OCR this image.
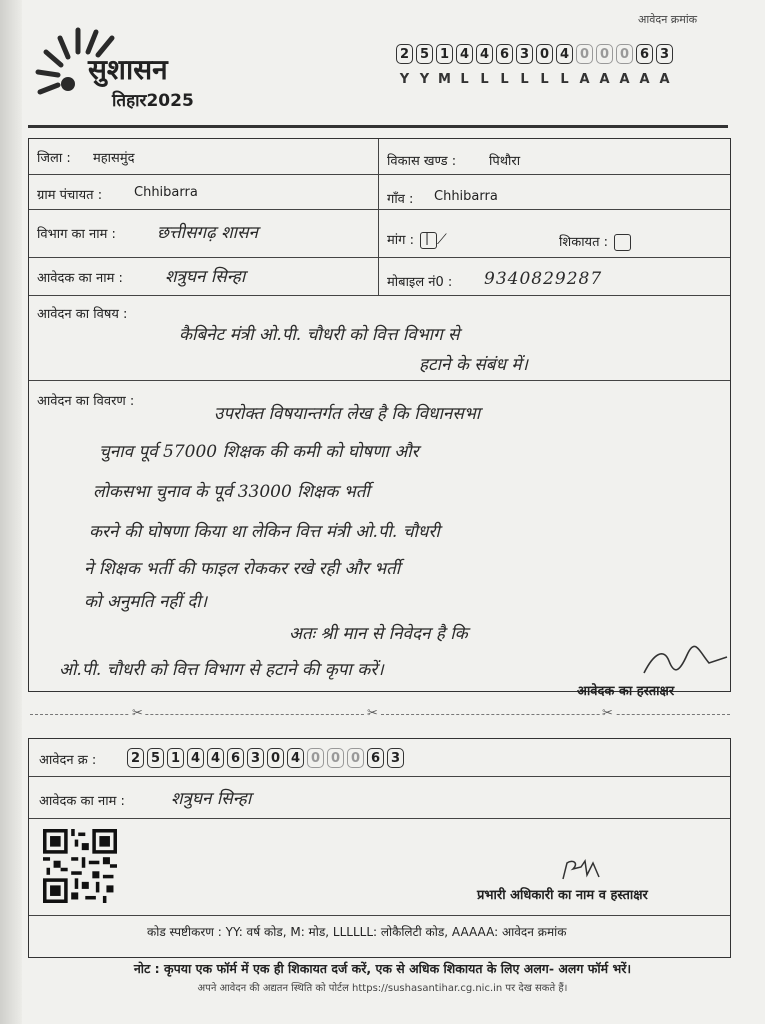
सुशासन
तिहार2025
आवेदन क्रमांक
2 5 1 4 4 6 3 0 4 0 0 0 6 3
Y Y M L L L L L L A A A A A
जिला : महासमुंद	विकास खण्ड :	पिथौरा
ग्राम पंचायत : Chhibarra	गाँव : Chhibarra
विभाग का नाम : छत्तीसगढ़ शासन	मांग : | ⟋	शिकायत :
आवेदक का नाम : शत्रुघन सिन्हा	मोबाइल नं0 : 9340829287
आवेदन का विषय :
कैबिनेट मंत्री ओ.पी. चौधरी को वित्त विभाग से
हटाने के संबंध में।
आवेदन का विवरण :
उपरोक्त विषयान्तर्गत लेख है कि विधानसभा
चुनाव पूर्व 57000 शिक्षक की कमी को घोषणा और
लोकसभा चुनाव के पूर्व 33000 शिक्षक भर्ती
करने की घोषणा किया था लेकिन वित्त मंत्री ओ.पी. चौधरी
ने शिक्षक भर्ती की फाइल रोककर रखे रही और भर्ती
को अनुमति नहीं दी।
अतः श्री मान से निवेदन है कि
ओ.पी. चौधरी को वित्त विभाग से हटाने की कृपा करें।
आवेदक का हस्ताक्षर
✂	✂	✂
आवेदन क्र :	2 5 1 4 4 6 3 0 4 0 0 0 6 3
आवेदक का नाम :	शत्रुघन सिन्हा
प्रभारी अधिकारी का नाम व हस्ताक्षर
कोड स्पष्टीकरण : YY: वर्ष कोड, M: मोड, LLLLLL: लोकैलिटी कोड, AAAAA: आवेदन क्रमांक
नोट : कृपया एक फॉर्म में एक ही शिकायत दर्ज करें, एक से अधिक शिकायत के लिए अलग- अलग फॉर्म भरें।
अपने आवेदन की अद्यतन स्थिति को पोर्टल https://sushasantihar.cg.nic.in पर देख सकते हैं।
